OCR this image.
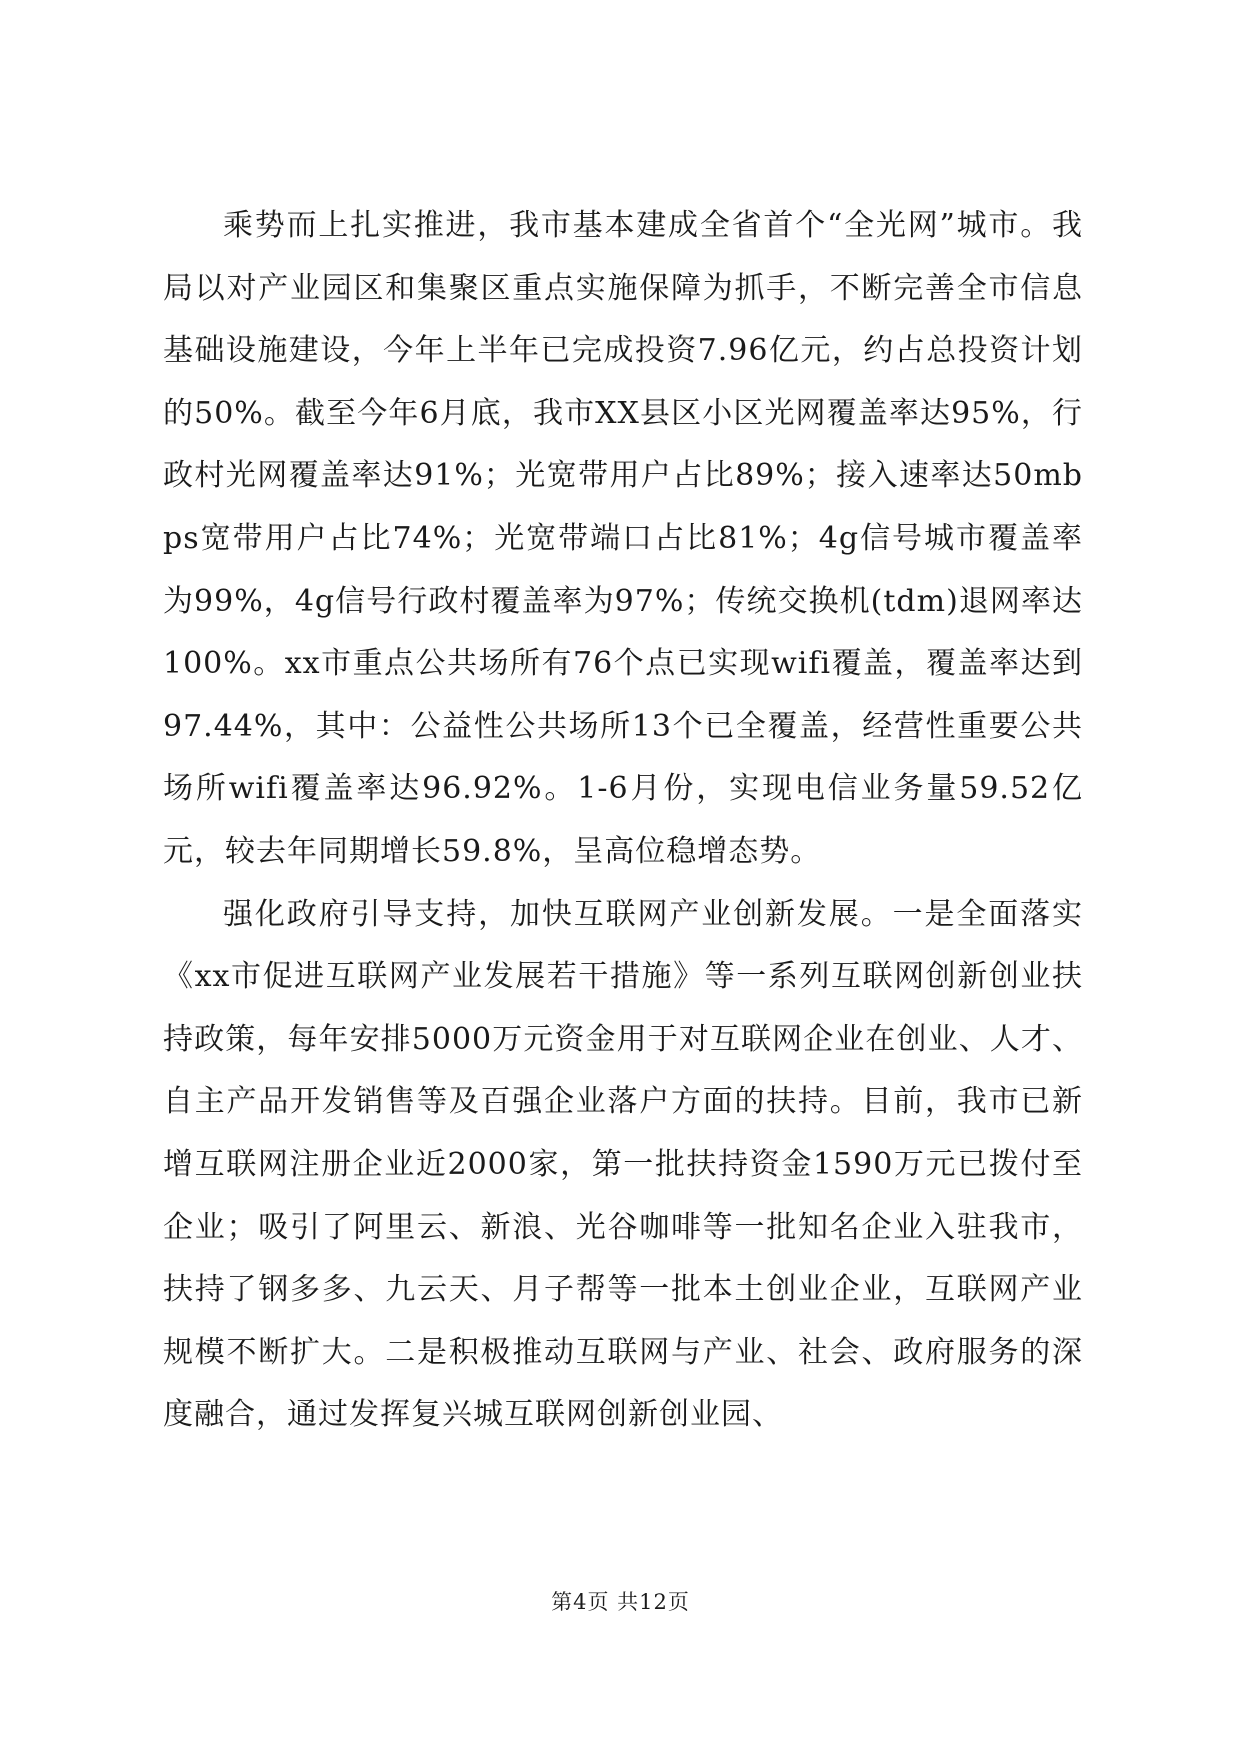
乘势而上扎实推进，我市基本建成全省首个“全光网”城市。我局以对产业园区和集聚区重点实施保障为抓手，不断完善全市信息基础设施建设，今年上半年已完成投资7.96亿元，约占总投资计划的50%。截至今年6月底，我市XX县区小区光网覆盖率达95%，行政村光网覆盖率达91%；光宽带用户占比89%；接入速率达50mbps宽带用户占比74%；光宽带端口占比81%；4g信号城市覆盖率为99%，4g信号行政村覆盖率为97%；传统交换机(tdm)退网率达100%。xx市重点公共场所有76个点已实现wifi覆盖，覆盖率达到97.44%，其中：公益性公共场所13个已全覆盖，经营性重要公共场所wifi覆盖率达96.92%。1-6月份，实现电信业务量59.52亿元，较去年同期增长59.8%，呈高位稳增态势。

强化政府引导支持，加快互联网产业创新发展。一是全面落实《xx市促进互联网产业发展若干措施》等一系列互联网创新创业扶持政策，每年安排5000万元资金用于对互联网企业在创业、人才、自主产品开发销售等及百强企业落户方面的扶持。目前，我市已新增互联网注册企业近2000家，第一批扶持资金1590万元已拨付至企业；吸引了阿里云、新浪、光谷咖啡等一批知名企业入驻我市，扶持了钢多多、九云天、月子帮等一批本土创业企业，互联网产业规模不断扩大。二是积极推动互联网与产业、社会、政府服务的深度融合，通过发挥复兴城互联网创新创业园、

第4页 共12页
